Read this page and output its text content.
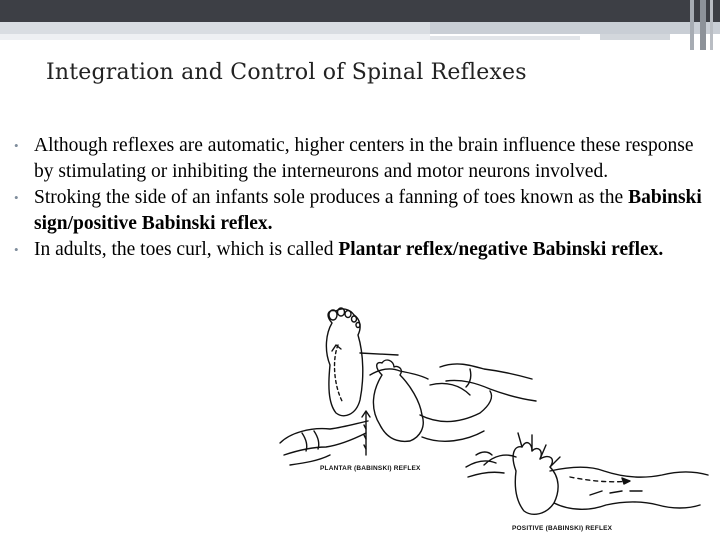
Integration and Control of Spinal Reflexes
• Although reflexes are automatic, higher centers in the brain influence these response by stimulating or inhibiting the interneurons and motor neurons involved.
• Stroking the side of an infants sole produces a fanning of toes known as the Babinski sign/positive Babinski reflex.
• In adults, the toes curl, which is called Plantar reflex/negative Babinski reflex.
PLANTAR (BABINSKI) REFLEX
POSITIVE (BABINSKI) REFLEX
